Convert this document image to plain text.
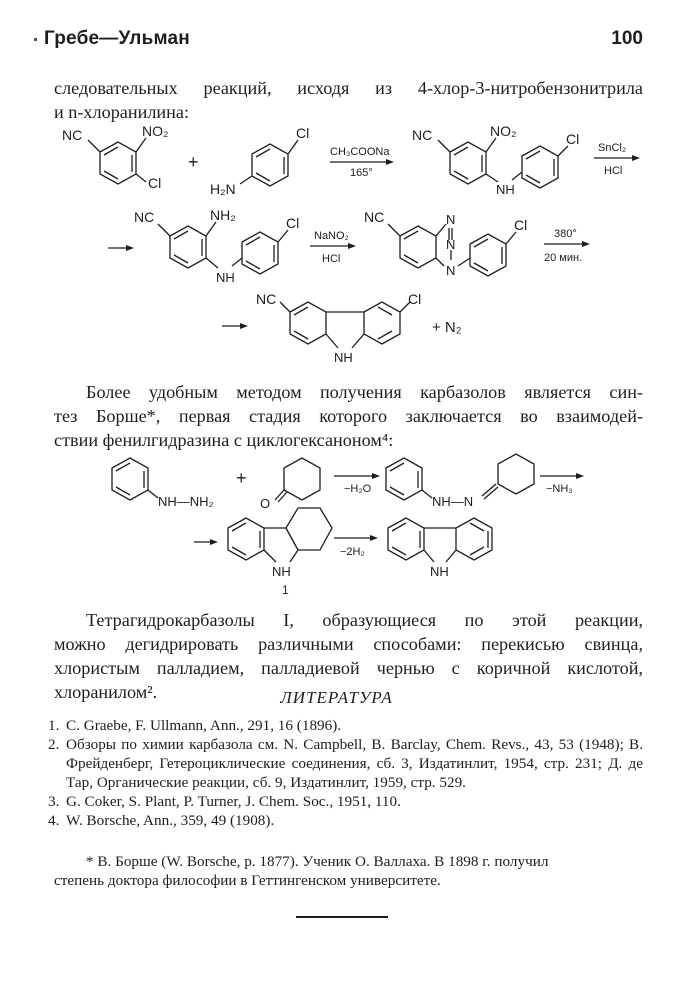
Гребе—Ульман	100
следовательных реакций, исходя из 4-хлор-3-нитробензонитрила
и n-хлоранилина:
NC	NO₂
Cl
+
H₂N
Cl
CH₃COONa
165°
NC	NO₂
NH
Cl
SnCl₂
HCl
NC	NH₂
NH
Cl
NaNO₂
HCl
NC	N
N
N
Cl
380°
20 мин.
NC
NH
Cl
+ N₂
Более удобным методом получения карбазолов является син-
тез Борше*, первая стадия которого заключается во взаимодей-
ствии фенилгидразина с циклогексаноном⁴:
NH—NH₂
+
O
−H₂O
NH—N
−NH₃
NH
1
−2H₂
NH
Тетрагидрокарбазолы I, образующиеся по этой реакции,
можно дегидрировать различными способами: перекисью свинца,
хлористым палладием, палладиевой чернью с коричной кислотой,
хлоранилом².	ЛИТЕРАТУРА
1. C. Graebe, F. Ullmann, Ann., 291, 16 (1896).
2. Обзоры по химии карбазола см. N. Campbell, B. Barclay, Chem. Revs., 43, 53 (1948); В. Фрейденберг, Гетероциклические соединения, сб. 3, Издатинлит, 1954, стр. 231; Д. де Тар, Органические реакции, сб. 9, Издатинлит, 1959, стр. 529.
3. G. Coker, S. Plant, P. Turner, J. Chem. Soc., 1951, 110.
4. W. Borsche, Ann., 359, 49 (1908).
* В. Борше (W. Borsche, р. 1877). Ученик О. Валлаха. В 1898 г. получил
степень доктора философии в Геттингенском университете.
